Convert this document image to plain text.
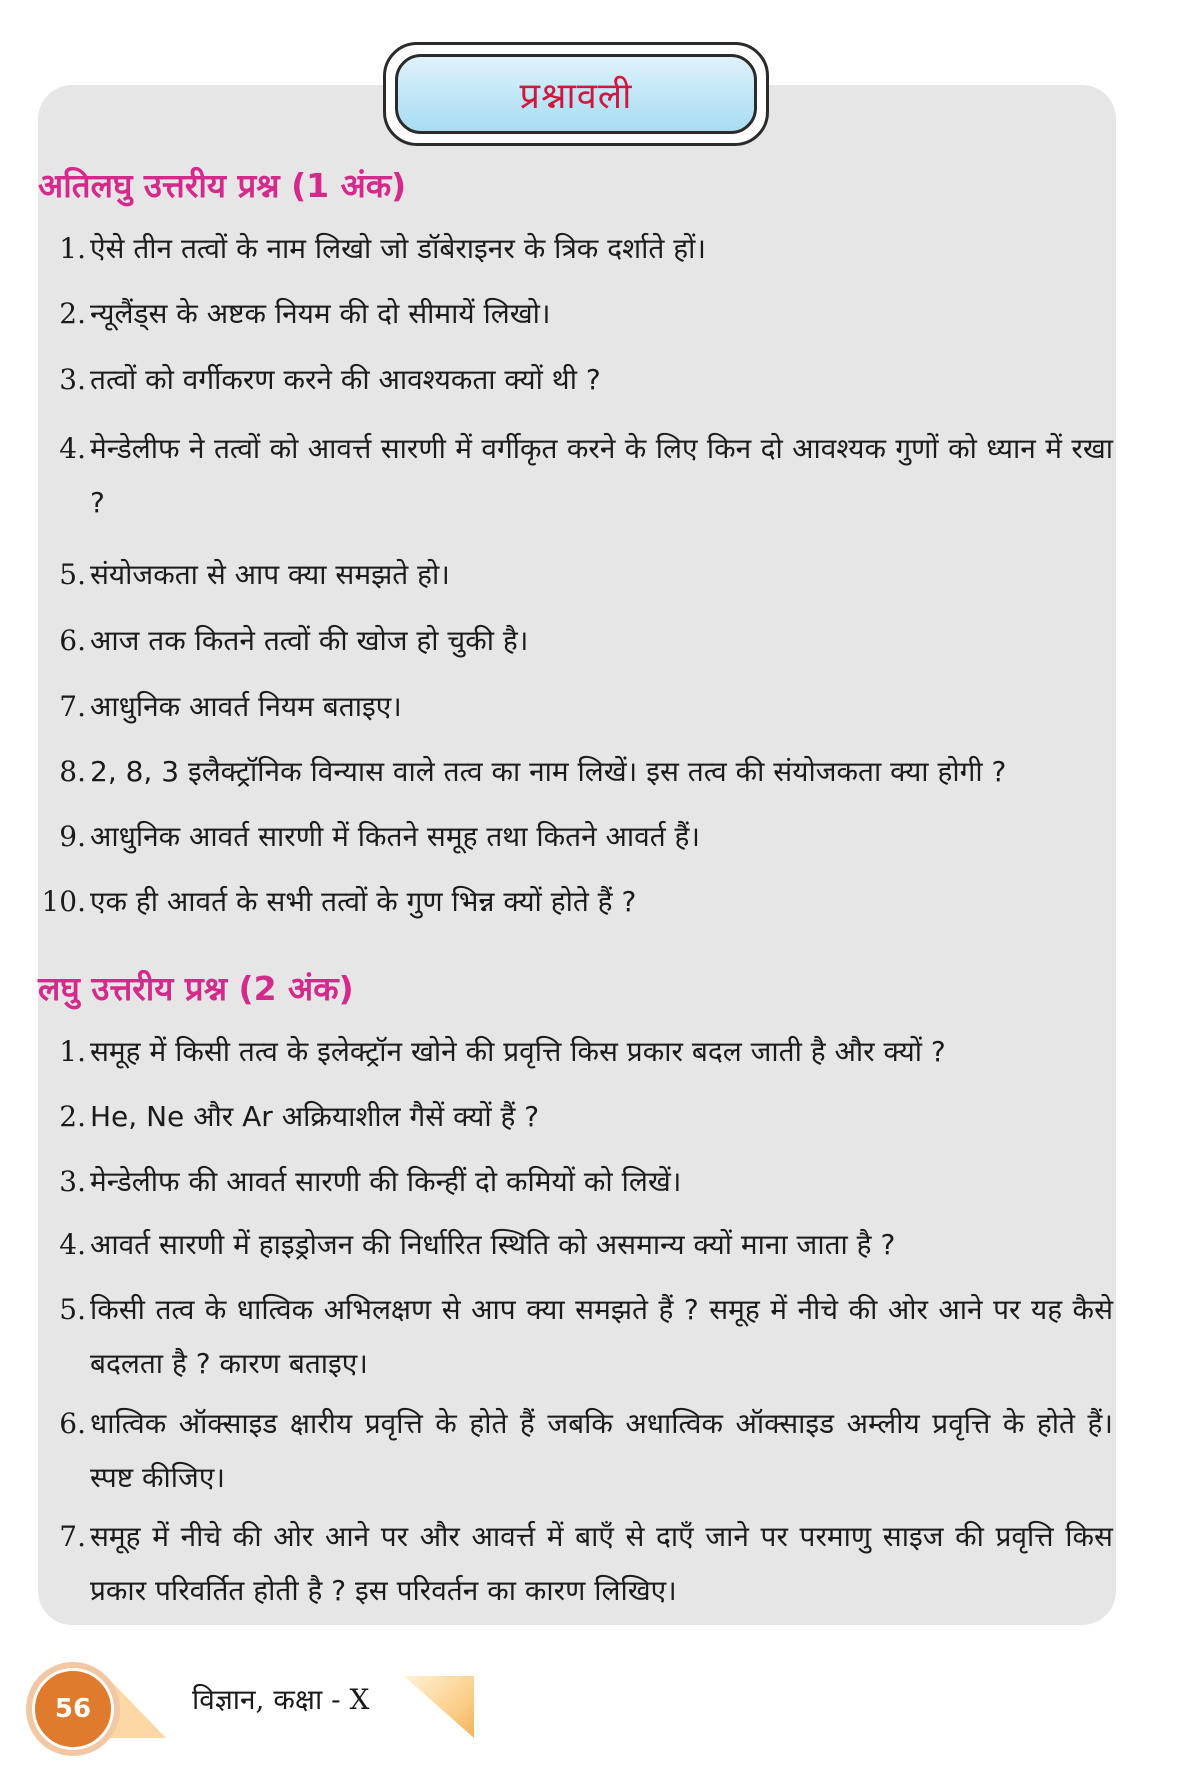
प्रश्नावली
अतिलघु उत्तरीय प्रश्न (1 अंक)
1. ऐसे तीन तत्वों के नाम लिखो जो डॉबेराइनर के त्रिक दर्शाते हों।
2. न्यूलैंड्स के अष्टक नियम की दो सीमायें लिखो।
3. तत्वों को वर्गीकरण करने की आवश्यकता क्यों थी ?
4. मेन्डेलीफ ने तत्वों को आवर्त्त सारणी में वर्गीकृत करने के लिए किन दो आवश्यक गुणों को ध्यान में रखा ?
5. संयोजकता से आप क्या समझते हो।
6. आज तक कितने तत्वों की खोज हो चुकी है।
7. आधुनिक आवर्त नियम बताइए।
8. 2, 8, 3 इलैक्ट्रॉनिक विन्यास वाले तत्व का नाम लिखें। इस तत्व की संयोजकता क्या होगी ?
9. आधुनिक आवर्त सारणी में कितने समूह तथा कितने आवर्त हैं।
10. एक ही आवर्त के सभी तत्वों के गुण भिन्न क्यों होते हैं ?
लघु उत्तरीय प्रश्न (2 अंक)
1. समूह में किसी तत्व के इलेक्ट्रॉन खोने की प्रवृत्ति किस प्रकार बदल जाती है और क्यों ?
2. He, Ne और Ar अक्रियाशील गैसें क्यों हैं ?
3. मेन्डेलीफ की आवर्त सारणी की किन्हीं दो कमियों को लिखें।
4. आवर्त सारणी में हाइड्रोजन की निर्धारित स्थिति को असमान्य क्यों माना जाता है ?
5. किसी तत्व के धात्विक अभिलक्षण से आप क्या समझते हैं ? समूह में नीचे की ओर आने पर यह कैसे बदलता है ? कारण बताइए।
6. धात्विक ऑक्साइड क्षारीय प्रवृत्ति के होते हैं जबकि अधात्विक ऑक्साइड अम्लीय प्रवृत्ति के होते हैं। स्पष्ट कीजिए।
7. समूह में नीचे की ओर आने पर और आवर्त्त में बाएँ से दाएँ जाने पर परमाणु साइज की प्रवृत्ति किस प्रकार परिवर्तित होती है ? इस परिवर्तन का कारण लिखिए।
56	विज्ञान, कक्षा - X
